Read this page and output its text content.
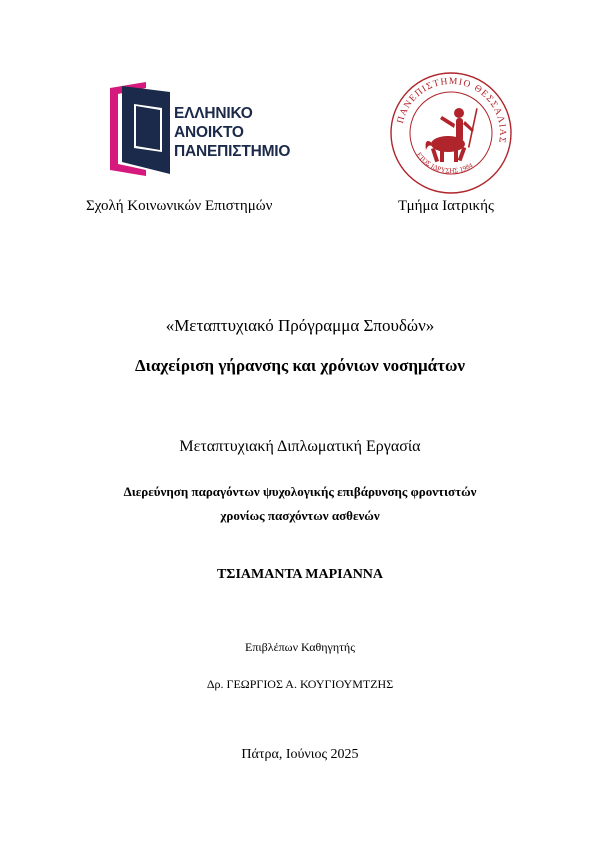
ΕΛΛΗΝΙΚΟ
ΑΝΟΙΚΤΟ
ΠΑΝΕΠΙΣΤΗΜΙΟ
ΠΑΝΕΠΙΣΤΗΜΙΟ ΘΕΣΣΑΛΙΑΣ
ΕΤΟΣ ΙΔΡΥΣΗΣ 1984
Σχολή Κοινωνικών Επιστημών	Τμήμα Ιατρικής
«Μεταπτυχιακό Πρόγραμμα Σπουδών»
Διαχείριση γήρανσης και χρόνιων νοσημάτων
Μεταπτυχιακή Διπλωματική Εργασία
Διερεύνηση παραγόντων ψυχολογικής επιβάρυνσης φροντιστών
χρονίως πασχόντων ασθενών
ΤΣΙΑΜΑΝΤΑ ΜΑΡΙΑΝΝΑ
Επιβλέπων Καθηγητής
Δρ. ΓΕΩΡΓΙΟΣ Α. ΚΟΥΓΙΟΥΜΤΖΗΣ
Πάτρα, Ιούνιος 2025
